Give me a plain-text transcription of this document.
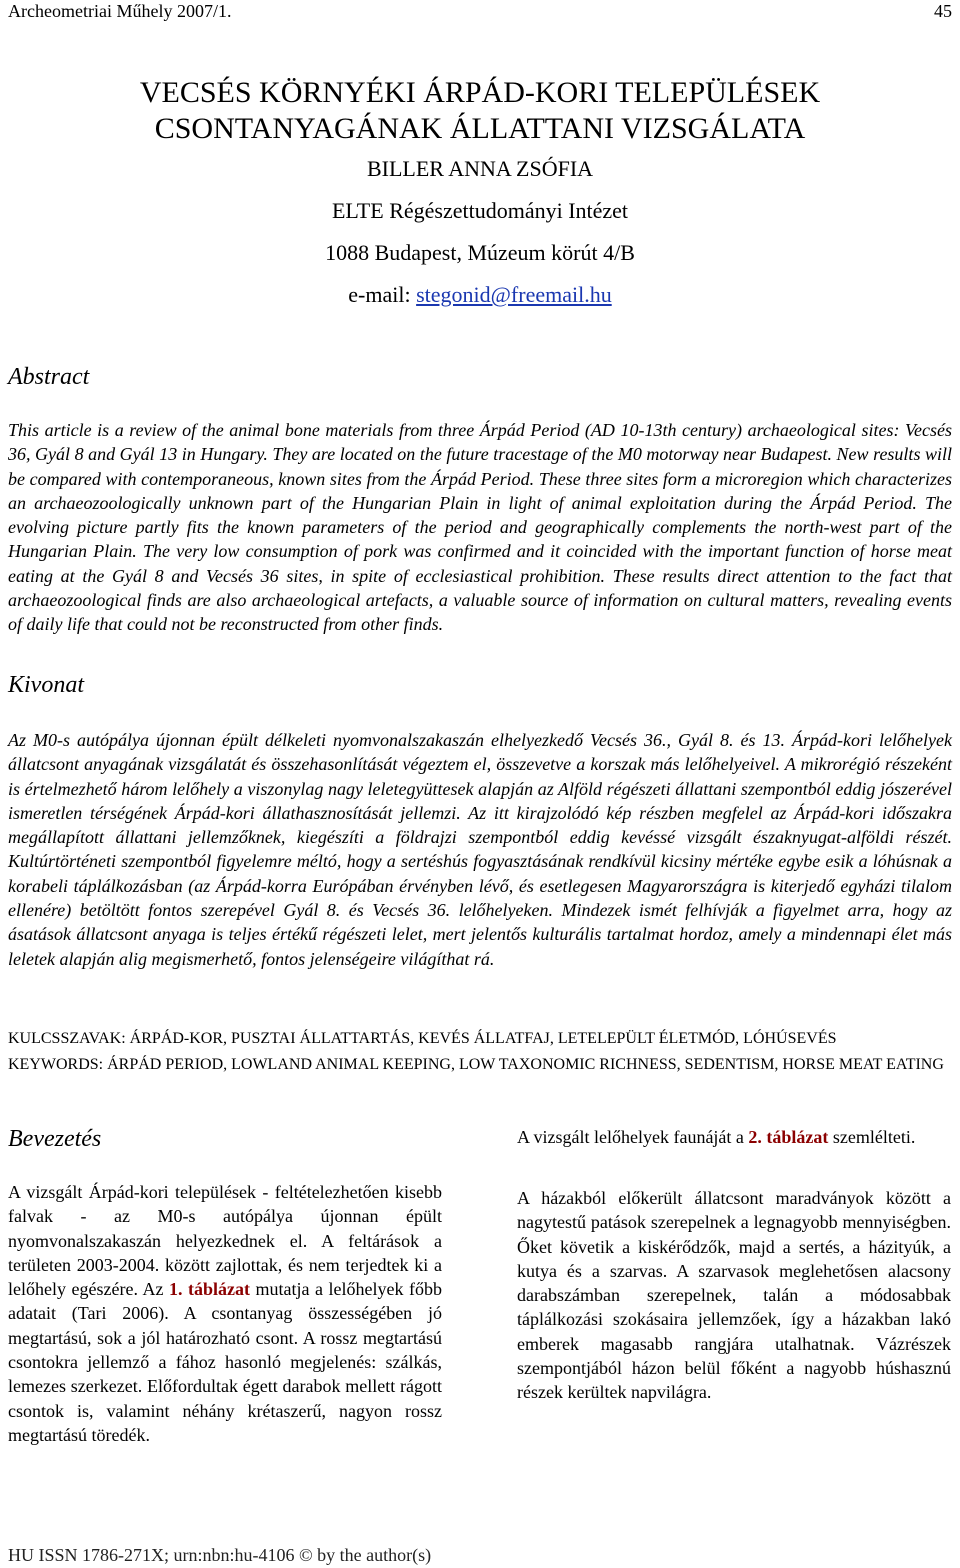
Archeometriai Műhely 2007/1.	45
VECSÉS KÖRNYÉKI ÁRPÁD-KORI TELEPÜLÉSEK
CSONTANYAGÁNAK ÁLLATTANI VIZSGÁLATA
BILLER ANNA ZSÓFIA
ELTE Régészettudományi Intézet
1088 Budapest, Múzeum körút 4/B
e-mail: stegonid@freemail.hu
Abstract
This article is a review of the animal bone materials from three Árpád Period (AD 10-13th century) archaeological sites: Vecsés 36, Gyál 8 and Gyál 13 in Hungary. They are located on the future tracestage of the M0 motorway near Budapest. New results will be compared with contemporaneous, known sites from the Árpád Period. These three sites form a microregion which characterizes an archaeozoologically unknown part of the Hungarian Plain in light of animal exploitation during the Árpád Period. The evolving picture partly fits the known parameters of the period and geographically complements the north-west part of the Hungarian Plain. The very low consumption of pork was confirmed and it coincided with the important function of horse meat eating at the Gyál 8 and Vecsés 36 sites, in spite of ecclesiastical prohibition. These results direct attention to the fact that archaeozoological finds are also archaeological artefacts, a valuable source of information on cultural matters, revealing events of daily life that could not be reconstructed from other finds.
Kivonat
Az M0-s autópálya újonnan épült délkeleti nyomvonalszakaszán elhelyezkedő Vecsés 36., Gyál 8. és 13. Árpád-kori lelőhelyek állatcsont anyagának vizsgálatát és összehasonlítását végeztem el, összevetve a korszak más lelőhelyeivel. A mikrorégió részeként is értelmezhető három lelőhely a viszonylag nagy leletegyüttesek alapján az Alföld régészeti állattani szempontból eddig jószerével ismeretlen térségének Árpád-kori állathasznosítását jellemzi. Az itt kirajzolódó kép részben megfelel az Árpád-kori időszakra megállapított állattani jellemzőknek, kiegészíti a földrajzi szempontból eddig kevéssé vizsgált északnyugat-alföldi részét. Kultúrtörténeti szempontból figyelemre méltó, hogy a sertéshús fogyasztásának rendkívül kicsiny mértéke egybe esik a lóhúsnak a korabeli táplálkozásban (az Árpád-korra Európában érvényben lévő, és esetlegesen Magyarországra is kiterjedő egyházi tilalom ellenére) betöltött fontos szerepével Gyál 8. és Vecsés 36. lelőhelyeken. Mindezek ismét felhívják a figyelmet arra, hogy az ásatások állatcsont anyaga is teljes értékű régészeti lelet, mert jelentős kulturális tartalmat hordoz, amely a mindennapi élet más leletek alapján alig megismerhető, fontos jelenségeire világíthat rá.
KULCSSZAVAK: ÁRPÁD-KOR, PUSZTAI ÁLLATTARTÁS, KEVÉS ÁLLATFAJ, LETELEPÜLT ÉLETMÓD, LÓHÚSEVÉS
KEYWORDS: ÁRPÁD PERIOD, LOWLAND ANIMAL KEEPING, LOW TAXONOMIC RICHNESS, SEDENTISM, HORSE MEAT EATING
Bevezetés
A vizsgált Árpád-kori települések - feltételezhetően kisebb falvak - az M0-s autópálya újonnan épült nyomvonalszakaszán helyezkednek el. A feltárások a területen 2003-2004. között zajlottak, és nem terjedtek ki a lelőhely egészére. Az 1. táblázat mutatja a lelőhelyek főbb adatait (Tari 2006). A csontanyag összességében jó megtartású, sok a jól határozható csont. A rossz megtartású csontokra jellemző a fához hasonló megjelenés: szálkás, lemezes szerkezet. Előfordultak égett darabok mellett rágott csontok is, valamint néhány krétaszerű, nagyon rossz megtartású töredék.
A vizsgált lelőhelyek faunáját a 2. táblázat szemlélteti.
A házakból előkerült állatcsont maradványok között a nagytestű patások szerepelnek a legnagyobb mennyiségben. Őket követik a kiskérődzők, majd a sertés, a házityúk, a kutya és a szarvas. A szarvasok meglehetősen alacsony darabszámban szerepelnek, talán a módosabbak táplálkozási szokásaira jellemzőek, így a házakban lakó emberek magasabb rangjára utalhatnak. Vázrészek szempontjából házon belül főként a nagyobb húshasznú részek kerültek napvilágra.
HU ISSN 1786-271X; urn:nbn:hu-4106 © by the author(s)
